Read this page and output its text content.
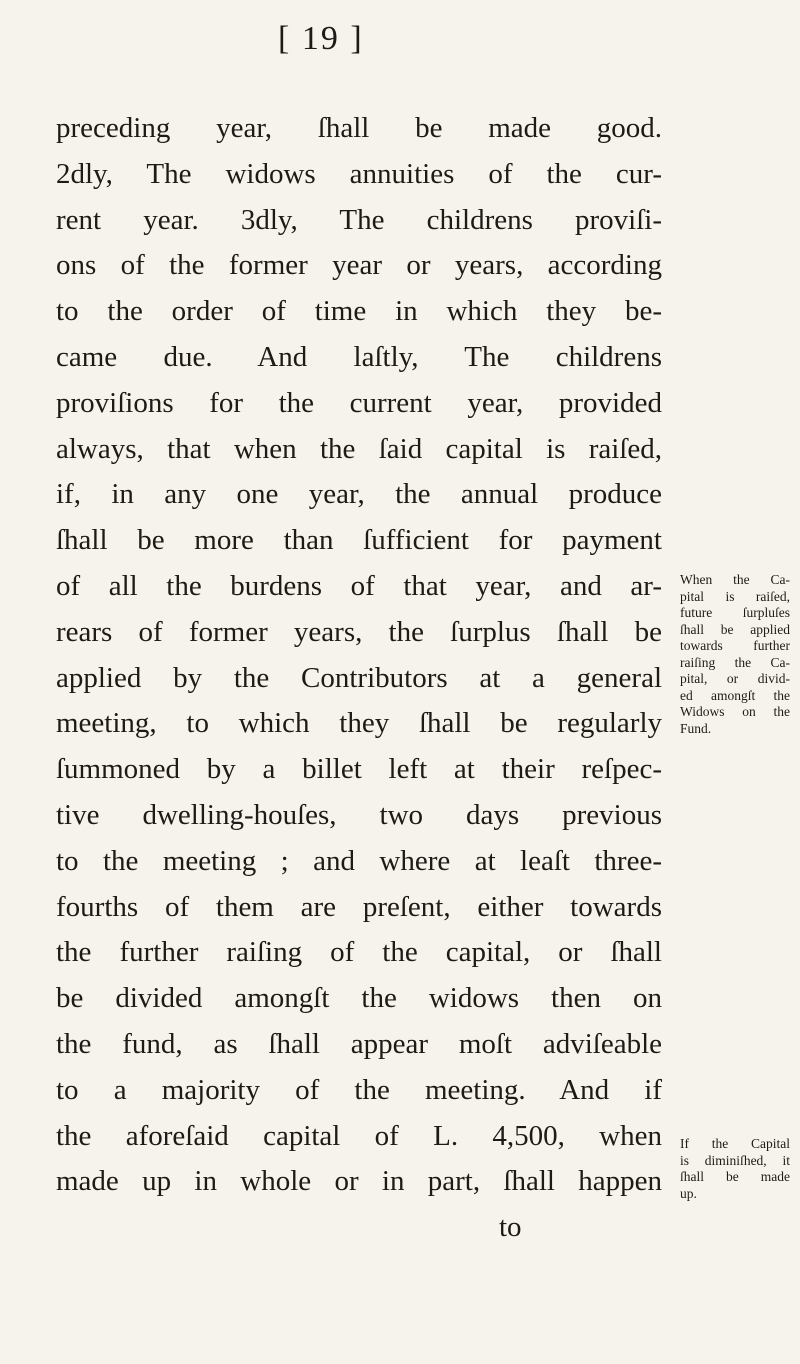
[ 19 ]
preceding year, ſhall be made good.
2dly, The widows annuities of the cur-
rent year. 3dly, The childrens proviſi-
ons of the former year or years, according
to the order of time in which they be-
came due. And laſtly, The childrens
proviſions for the current year, provided
always, that when the ſaid capital is raiſed,
if, in any one year, the annual produce
ſhall be more than ſufficient for payment
of all the burdens of that year, and ar-
rears of former years, the ſurplus ſhall be
applied by the Contributors at a general
meeting, to which they ſhall be regularly
ſummoned by a billet left at their reſpec-
tive dwelling-houſes, two days previous
to the meeting ; and where at leaſt three-
fourths of them are preſent, either towards
the further raiſing of the capital, or ſhall
be divided amongſt the widows then on
the fund, as ſhall appear moſt adviſeable
to a majority of the meeting. And if
the aforeſaid capital of L. 4,500, when
made up in whole or in part, ſhall happen
to
When the Ca-
pital is raiſed,
future ſurpluſes
ſhall be applied
towards further
raiſing the Ca-
pital, or divid-
ed amongſt the
Widows on the
Fund.
If the Capital
is diminiſhed, it
ſhall be made
up.
